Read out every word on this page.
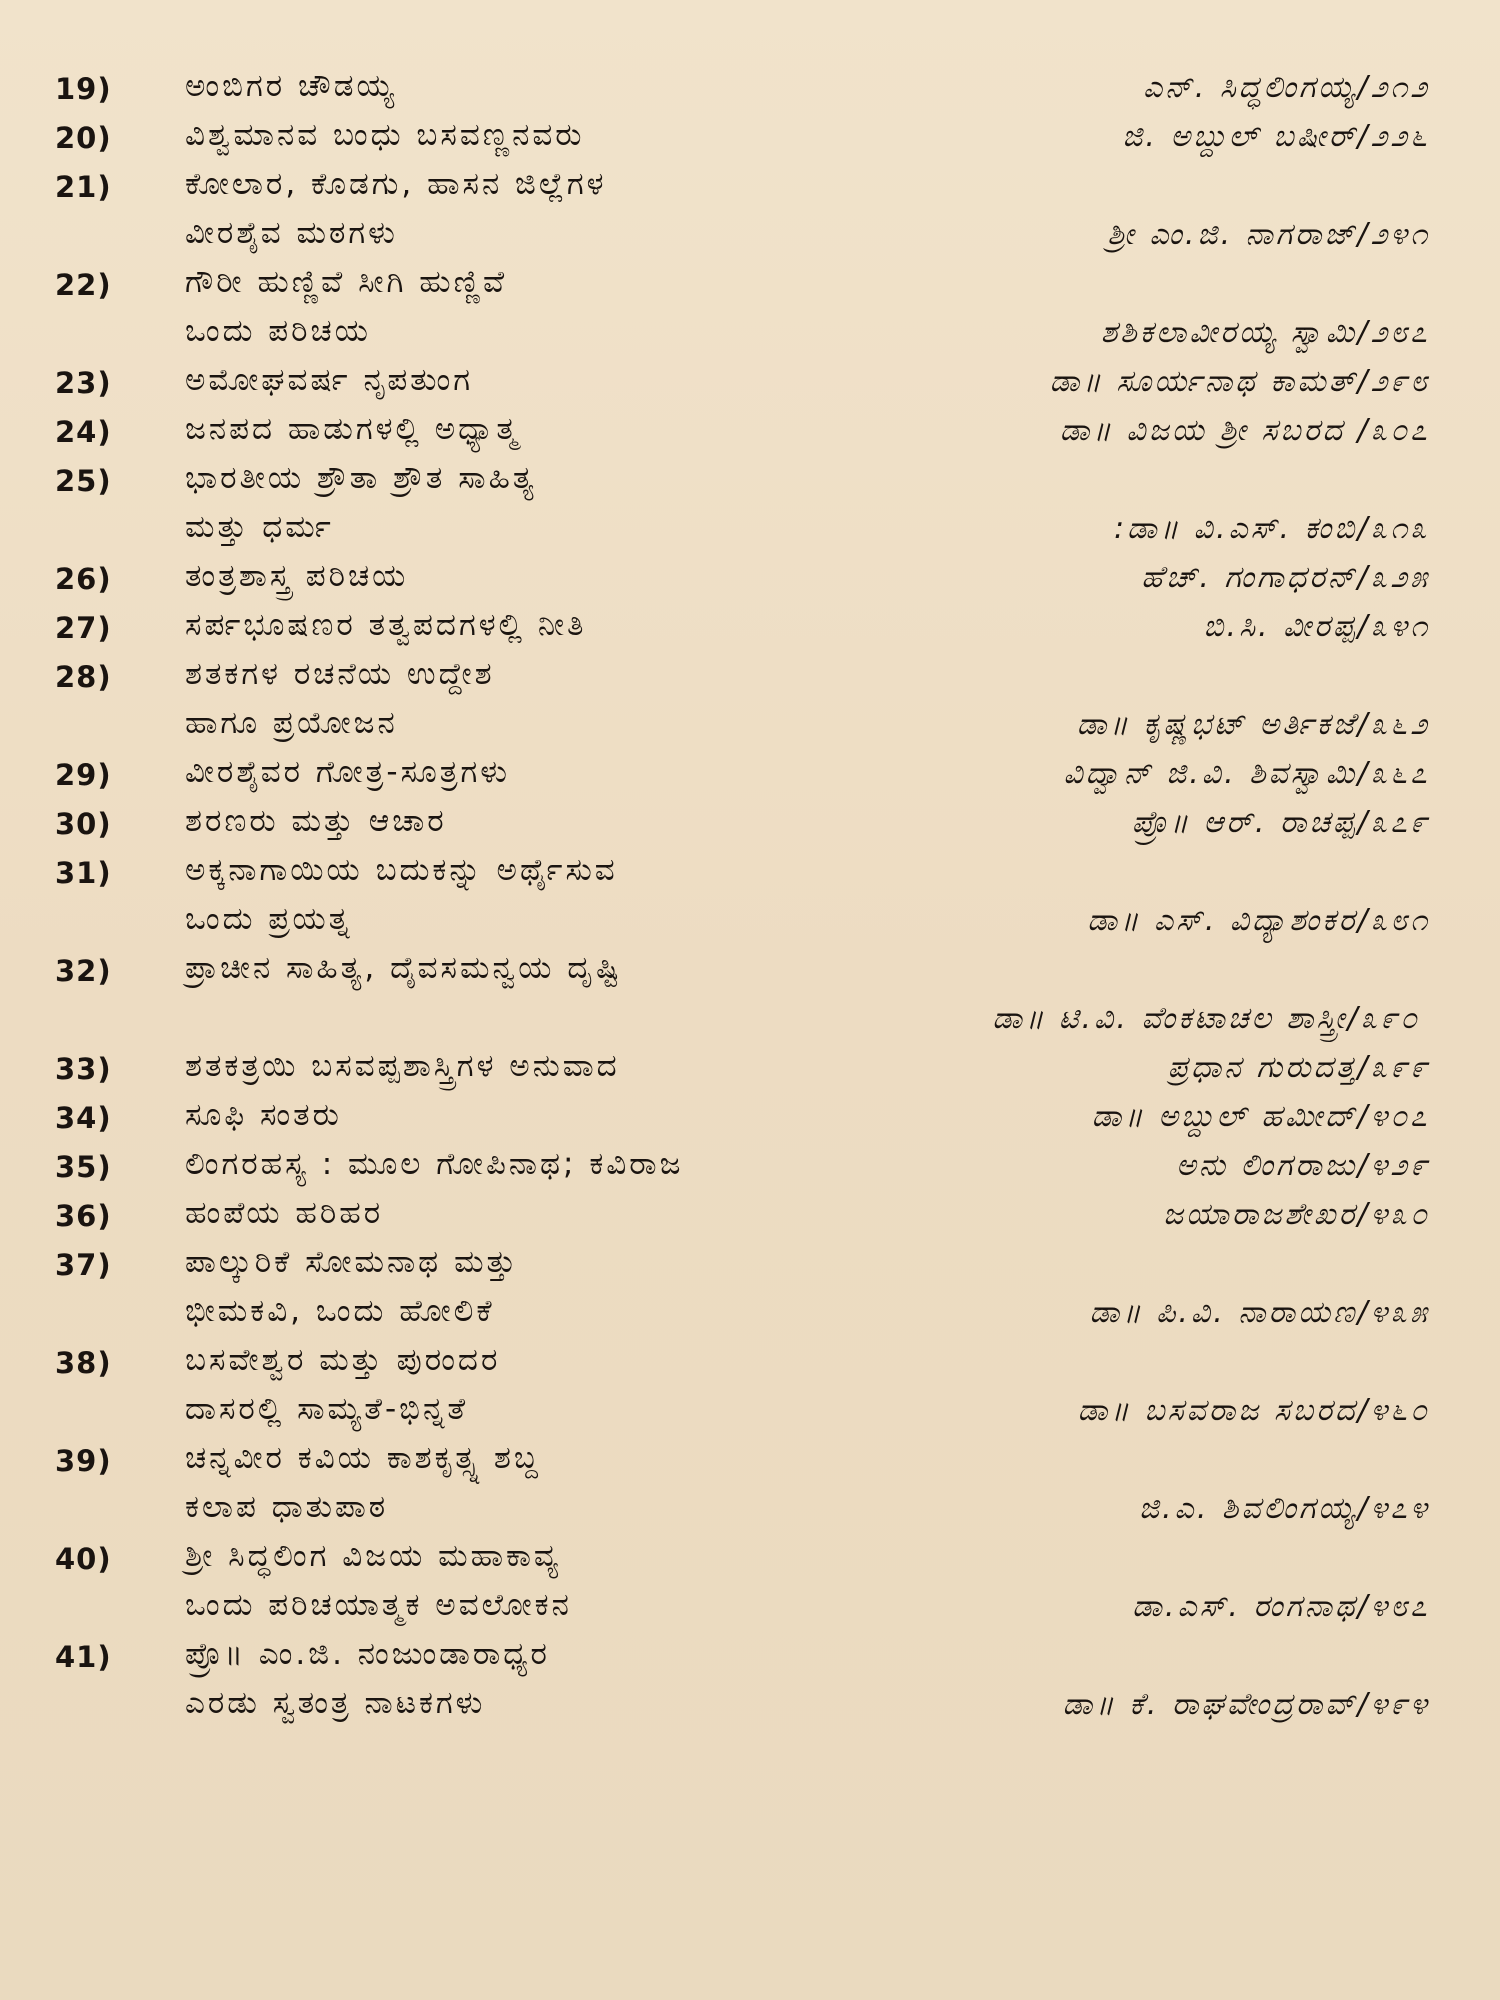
19)	ಅಂಬಿಗರ ಚೌಡಯ್ಯ	ಎನ್. ಸಿದ್ಧಲಿಂಗಯ್ಯ/೨೧೨
20)	ವಿಶ್ವಮಾನವ ಬಂಧು ಬಸವಣ್ಣನವರು	ಜಿ. ಅಬ್ದುಲ್ ಬಷೀರ್/೨೨೬
21)	ಕೋಲಾರ, ಕೊಡಗು, ಹಾಸನ ಜಿಲ್ಲೆಗಳ
ವೀರಶೈವ ಮಠಗಳು	ಶ್ರೀ ಎಂ.ಜಿ. ನಾಗರಾಜ್/೨೪೧
22)	ಗೌರೀ ಹುಣ್ಣಿವೆ ಸೀಗಿ ಹುಣ್ಣಿವೆ
ಒಂದು ಪರಿಚಯ	ಶಶಿಕಲಾವೀರಯ್ಯ ಸ್ವಾಮಿ/೨೮೭
23)	ಅಮೋಘವರ್ಷ ನೃಪತುಂಗ	ಡಾ॥ ಸೂರ್ಯನಾಥ ಕಾಮತ್/೨೯೮
24)	ಜನಪದ ಹಾಡುಗಳಲ್ಲಿ ಅಧ್ಯಾತ್ಮ	ಡಾ॥ ವಿಜಯ ಶ್ರೀ ಸಬರದ /೩೦೭
25)	ಭಾರತೀಯ ಶ್ರೌತಾ ಶ್ರೌತ ಸಾಹಿತ್ಯ
ಮತ್ತು ಧರ್ಮ	:ಡಾ॥ ವಿ.ಎಸ್. ಕಂಬಿ/೩೧೩
26)	ತಂತ್ರಶಾಸ್ತ್ರ ಪರಿಚಯ	ಹೆಚ್. ಗಂಗಾಧರನ್/೩೨೫
27)	ಸರ್ಪಭೂಷಣರ ತತ್ವಪದಗಳಲ್ಲಿ ನೀತಿ	ಬಿ.ಸಿ. ವೀರಪ್ಪ/೩೪೧
28)	ಶತಕಗಳ ರಚನೆಯ ಉದ್ದೇಶ
ಹಾಗೂ ಪ್ರಯೋಜನ	ಡಾ॥ ಕೃಷ್ಣಭಟ್ ಅರ್ತಿಕಜೆ/೩೬೨
29)	ವೀರಶೈವರ ಗೋತ್ರ-ಸೂತ್ರಗಳು	ವಿದ್ವಾನ್ ಜಿ.ವಿ. ಶಿವಸ್ವಾಮಿ/೩೬೭
30)	ಶರಣರು ಮತ್ತು ಆಚಾರ	ಪ್ರೊ॥ ಆರ್. ರಾಚಪ್ಪ/೩೭೯
31)	ಅಕ್ಕನಾಗಾಯಿಯ ಬದುಕನ್ನು ಅರ್ಥೈಸುವ
ಒಂದು ಪ್ರಯತ್ನ	ಡಾ॥ ಎಸ್. ವಿದ್ಯಾಶಂಕರ/೩೮೧
32)	ಪ್ರಾಚೀನ ಸಾಹಿತ್ಯ, ದೈವಸಮನ್ವಯ ದೃಷ್ಟಿ
ಡಾ॥ ಟಿ.ವಿ. ವೆಂಕಟಾಚಲ ಶಾಸ್ತ್ರೀ/೩೯೦
33)	ಶತಕತ್ರಯಿ ಬಸವಪ್ಪಶಾಸ್ತ್ರಿಗಳ ಅನುವಾದ	ಪ್ರಧಾನ ಗುರುದತ್ತ/೩೯೯
34)	ಸೂಫಿ ಸಂತರು	ಡಾ॥ ಅಬ್ದುಲ್ ಹಮೀದ್/೪೦೭
35)	ಲಿಂಗರಹಸ್ಯ : ಮೂಲ ಗೋಪಿನಾಥ; ಕವಿರಾಜ	ಅನು ಲಿಂಗರಾಜು/೪೨೯
36)	ಹಂಪೆಯ ಹರಿಹರ	ಜಯಾರಾಜಶೇಖರ/೪೩೦
37)	ಪಾಲ್ಕುರಿಕೆ ಸೋಮನಾಥ ಮತ್ತು
ಭೀಮಕವಿ, ಒಂದು ಹೋಲಿಕೆ	ಡಾ॥ ಪಿ.ವಿ. ನಾರಾಯಣ/೪೩೫
38)	ಬಸವೇಶ್ವರ ಮತ್ತು ಪುರಂದರ
ದಾಸರಲ್ಲಿ ಸಾಮ್ಯತೆ-ಭಿನ್ನತೆ	ಡಾ॥ ಬಸವರಾಜ ಸಬರದ/೪೬೦
39)	ಚನ್ನವೀರ ಕವಿಯ ಕಾಶಕೃತ್ಸ್ನ ಶಬ್ದ
ಕಲಾಪ ಧಾತುಪಾಠ	ಜಿ.ಎ. ಶಿವಲಿಂಗಯ್ಯ/೪೭೪
40)	ಶ್ರೀ ಸಿದ್ಧಲಿಂಗ ವಿಜಯ ಮಹಾಕಾವ್ಯ
ಒಂದು ಪರಿಚಯಾತ್ಮಕ ಅವಲೋಕನ	ಡಾ.ಎಸ್. ರಂಗನಾಥ/೪೮೭
41)	ಪ್ರೊ॥ ಎಂ.ಜಿ. ನಂಜುಂಡಾರಾಧ್ಯರ
ಎರಡು ಸ್ವತಂತ್ರ ನಾಟಕಗಳು	ಡಾ॥ ಕೆ. ರಾಘವೇಂದ್ರರಾವ್/೪೯೪
